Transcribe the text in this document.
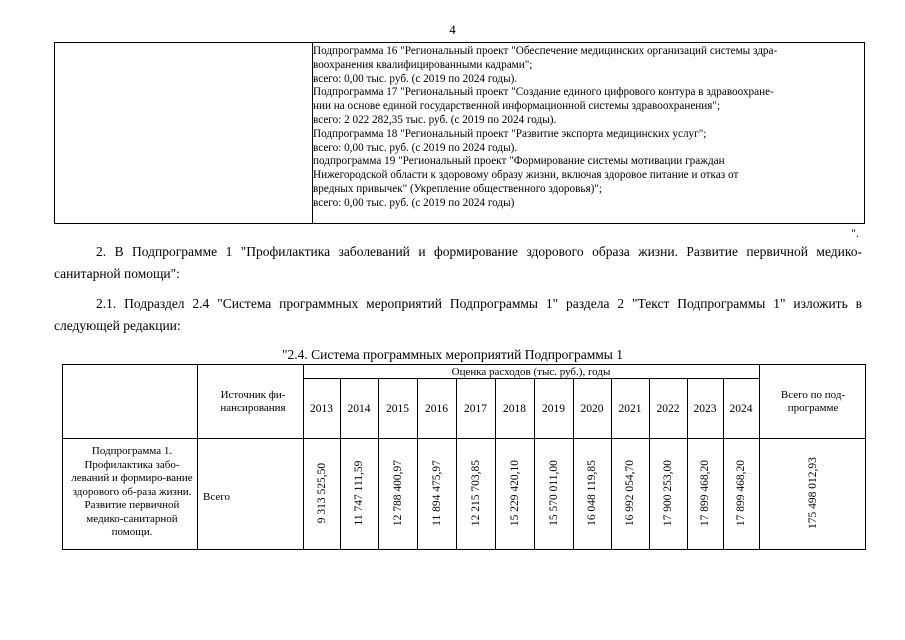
4
Подпрограмма 16 "Региональный проект "Обеспечение медицинских организаций системы здра-
воохранения квалифицированными кадрами";
всего: 0,00 тыс. руб. (с 2019 по 2024 годы).
Подпрограмма 17 "Региональный проект "Создание единого цифрового контура в здравоохране-
нии на основе единой государственной информационной системы здравоохранения";
всего: 2 022 282,35 тыс. руб. (с 2019 по 2024 годы).
Подпрограмма 18 "Региональный проект "Развитие экспорта медицинских услуг";
всего: 0,00 тыс. руб. (с 2019 по 2024 годы).
подпрограмма 19 "Региональный проект "Формирование системы мотивации граждан
Нижегородской области к здоровому образу жизни, включая здоровое питание и отказ от
вредных привычек" (Укрепление общественного здоровья)";
всего: 0,00 тыс. руб. (с 2019 по 2024 годы)
".
2. В Подпрограмме 1 "Профилактика заболеваний и формирование здорового образа жизни. Развитие первичной медико-санитарной помощи":
2.1. Подраздел 2.4 "Система программных мероприятий Подпрограммы 1" раздела 2 "Текст Подпрограммы 1" изложить в следующей редакции:
"2.4. Система программных мероприятий Подпрограммы 1
Источник фи-нансирования
Оценка расходов (тыс. руб.), годы
Всего по под-программе
Подпрограмма 1. Профилактика забо-леваний и формиро-вание здорового об-раза жизни. Развитие первичной медико-санитарной помощи.
Всего	175 498 012,93
2013
9 313 525,50
2014
11 747 111,59
2015
12 788 400,97
2016
11 894 475,97
2017
12 215 703,85
2018
15 229 420,10
2019
15 570 011,00
2020
16 048 119,85
2021
16 992 054,70
2022
17 900 253,00
2023
17 899 468,20
2024
17 899 468,20
